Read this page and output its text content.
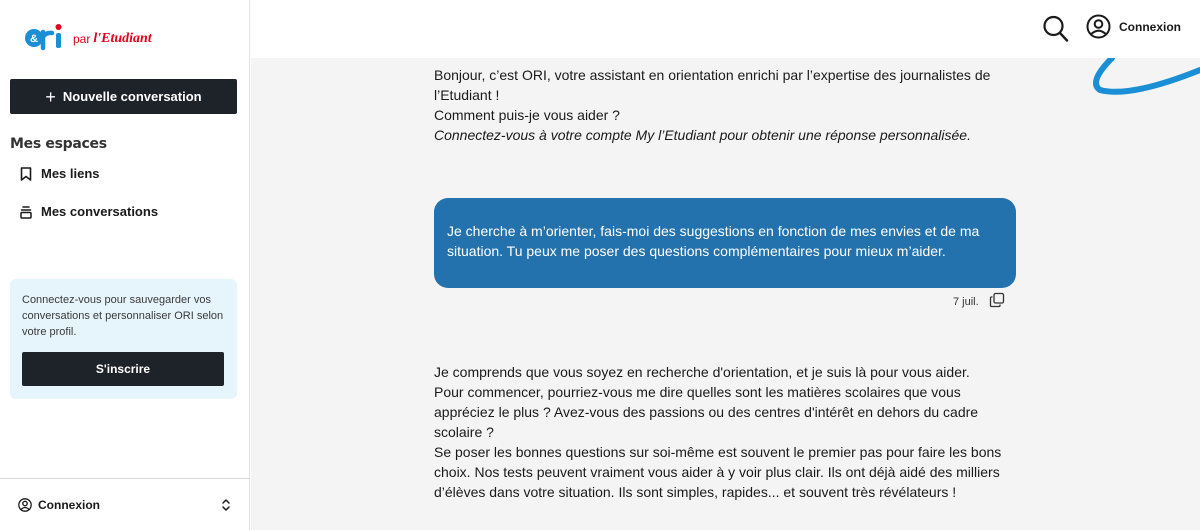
&	par l'Etudiant
+ Nouvelle conversation
Mes espaces
Mes liens
Mes conversations

Connectez-vous pour sauvegarder vos conversations et personnaliser ORI selon votre profil.

S'inscrire
Connexion
Connexion

Bonjour, c’est ORI, votre assistant en orientation enrichi par l’expertise des journalistes de l’Etudiant !

Comment puis-je vous aider ?

Connectez-vous à votre compte My l’Etudiant pour obtenir une réponse personnalisée.

Je cherche à m’orienter, fais-moi des suggestions en fonction de mes envies et de ma situation. Tu peux me poser des questions complémentaires pour mieux m’aider.
7 juil.

Je comprends que vous soyez en recherche d'orientation, et je suis là pour vous aider. Pour commencer, pourriez-vous me dire quelles sont les matières scolaires que vous appréciez le plus ? Avez-vous des passions ou des centres d'intérêt en dehors du cadre scolaire ?

Se poser les bonnes questions sur soi-même est souvent le premier pas pour faire les bons choix. Nos tests peuvent vraiment vous aider à y voir plus clair. Ils ont déjà aidé des milliers d’élèves dans votre situation. Ils sont simples, rapides... et souvent très révélateurs !
